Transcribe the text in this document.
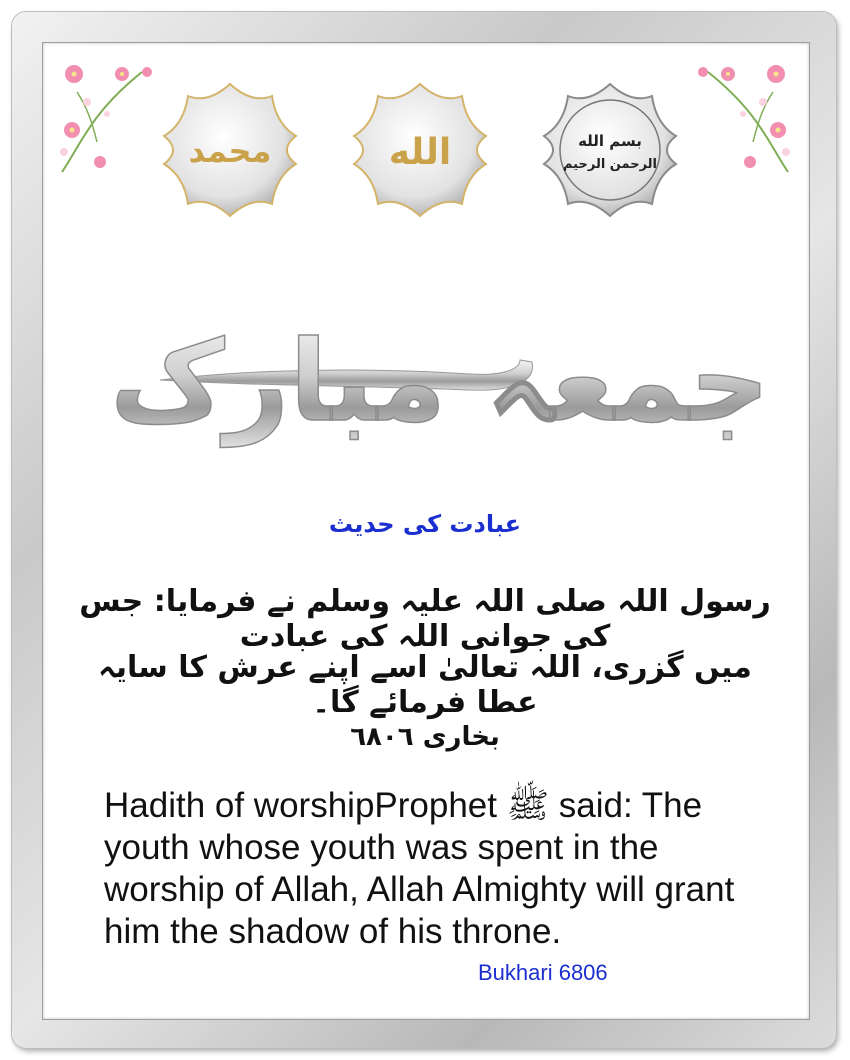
محمد	الله	بسم الله
الرحمن الرحيم
جمعہ مبارک
عبادت کی حدیث
رسول اللہ صلی اللہ علیہ وسلم نے فرمایا: جس کی جوانی اللہ کی عبادت
میں گزری، اللہ تعالیٰ اسے اپنے عرش کا سایہ عطا فرمائے گا۔
بخاری ٦٨٠٦
Hadith of worshipProphet ﷺ said: The youth whose youth was spent in the worship of Allah, Allah Almighty will grant him the shadow of his throne.
Bukhari 6806
